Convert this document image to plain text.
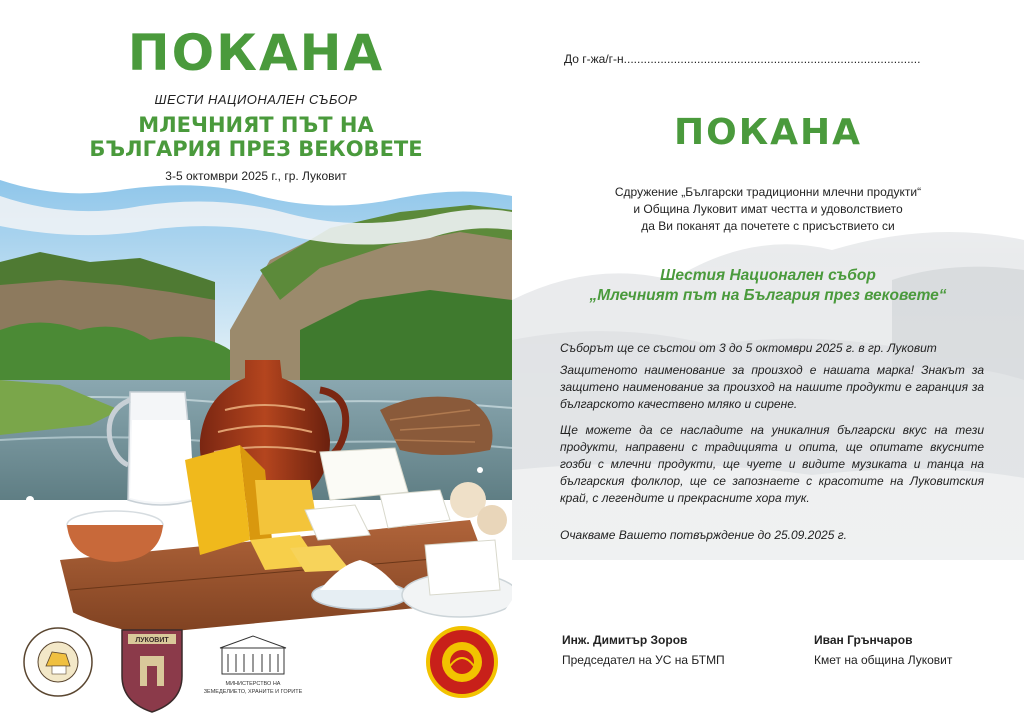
ПОКАНА
ШЕСТИ НАЦИОНАЛЕН СЪБОР
МЛЕЧНИЯТ ПЪТ НА
БЪЛГАРИЯ ПРЕЗ ВЕКОВЕТЕ
3-5 октомври 2025 г., гр. Луковит
ЛУКОВИТ
МИНИСТЕРСТВО НА
ЗЕМЕДЕЛИЕТО, ХРАНИТЕ И ГОРИТЕ
До г-жа/г-н.........................................................................................
ПОКАНА
Сдружение „Български традиционни млечни продукти“
и Община Луковит имат честта и удоволствието
да Ви поканят да почетете с присъствието си
Шестия Национален събор
„Млечният път на България през вековете“
Съборът ще се състои от 3 до 5 октомври 2025 г. в гр. Луковит
Защитеното наименование за произход е нашата марка! Знакът за защитено наименование за произход на нашите продукти е гаранция за българското качествено мляко и сирене.
Ще можете да се насладите на уникалния български вкус на тези продукти, направени с традицията и опита, ще опитате вкусните гозби с млечни продукти, ще чуете и видите музиката и танца на българския фолклор, ще се запознаете с красотите на Луковитския край, с легендите и прекрасните хора тук.
Очакваме Вашето потвърждение до 25.09.2025 г.
Инж. Димитър Зоров
Председател на УС на БТМП
Иван Грънчаров
Кмет на община Луковит
